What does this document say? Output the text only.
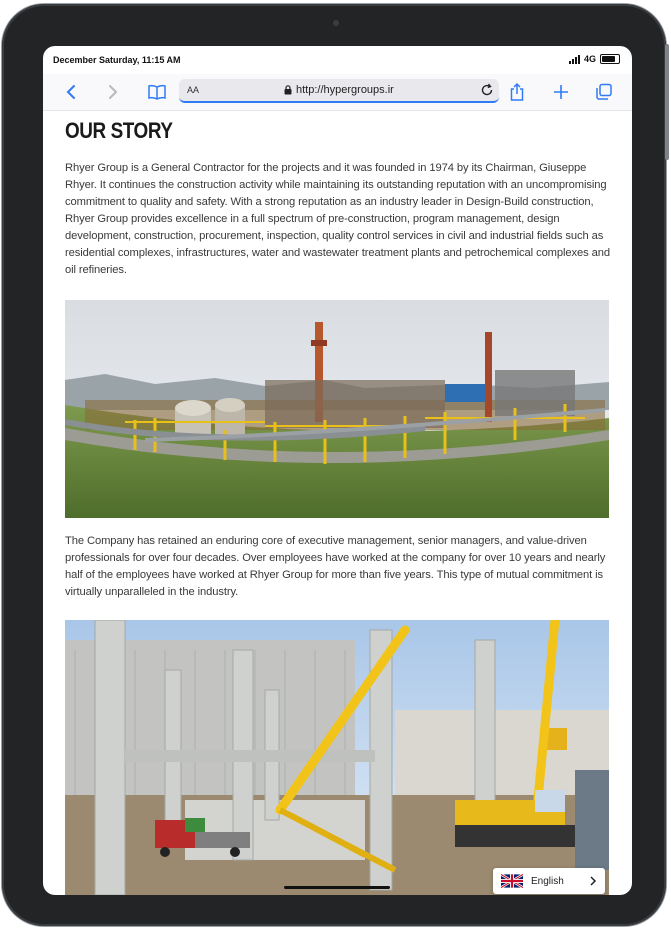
December Saturday, 11:15 AM	4G
AA	http://hypergroups.ir
OUR STORY

Rhyer Group is a General Contractor for the projects and it was founded in 1974 by its Chairman, Giuseppe Rhyer. It continues the construction activity while maintaining its outstanding reputation with an uncompromising commitment to quality and safety. With a strong reputation as an industry leader in Design-Build construction, Rhyer Group provides excellence in a full spectrum of pre-construction, program management, design development, construction, procurement, inspection, quality control services in civil and industrial fields such as residential complexes, infrastructures, water and wastewater treatment plants and petrochemical complexes and oil refineries.

The Company has retained an enduring core of executive management, senior managers, and value-driven professionals for over four decades. Over employees have worked at the company for over 10 years and nearly half of the employees have worked at Rhyer Group for more than five years. This type of mutual commitment is virtually unparalleled in the industry.

English
